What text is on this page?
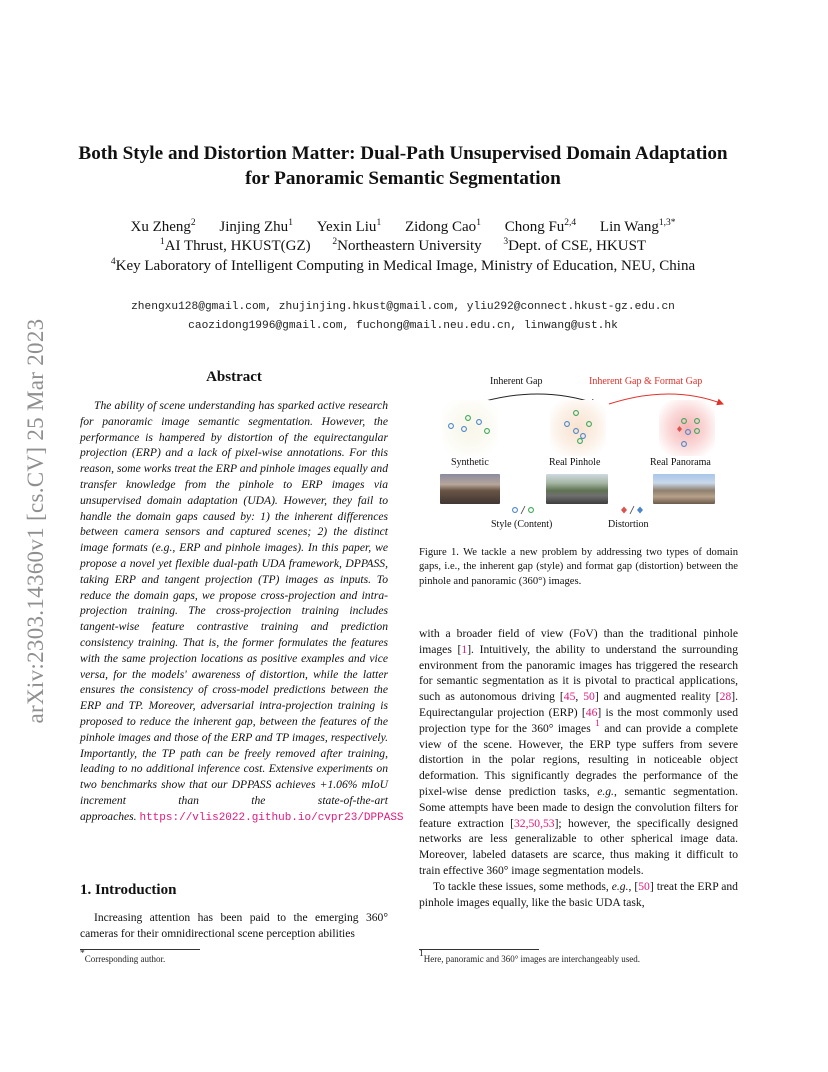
arXiv:2303.14360v1 [cs.CV] 25 Mar 2023
Both Style and Distortion Matter: Dual-Path Unsupervised Domain Adaptation
for Panoramic Semantic Segmentation
Xu Zheng$^2$ Jinjing Zhu$^1$ Yexin Liu$^1$ Zidong Cao$^1$ Chong Fu$^{2,4}$ Lin Wang$^{1,3*}$
$^1$AI Thrust, HKUST(GZ) $^2$Northeastern University $^3$Dept. of CSE, HKUST
$^4$Key Laboratory of Intelligent Computing in Medical Image, Ministry of Education, NEU, China
zhengxu128@gmail.com, zhujinjing.hkust@gmail.com, yliu292@connect.hkust-gz.edu.cn
caozidong1996@gmail.com, fuchong@mail.neu.edu.cn, linwang@ust.hk
Abstract

The ability of scene understanding has sparked active research for panoramic image semantic segmentation. However, the performance is hampered by distortion of the equirectangular projection (ERP) and a lack of pixel-wise annotations. For this reason, some works treat the ERP and pinhole images equally and transfer knowledge from the pinhole to ERP images via unsupervised domain adaptation (UDA). However, they fail to handle the domain gaps caused by: 1) the inherent differences between camera sensors and captured scenes; 2) the distinct image formats (e.g., ERP and pinhole images). In this paper, we propose a novel yet flexible dual-path UDA framework, DPPASS, taking ERP and tangent projection (TP) images as inputs. To reduce the domain gaps, we propose cross-projection and intra-projection training. The cross-projection training includes tangent-wise feature contrastive training and prediction consistency training. That is, the former formulates the features with the same projection locations as positive examples and vice versa, for the models' awareness of distortion, while the latter ensures the consistency of cross-model predictions between the ERP and TP. Moreover, adversarial intra-projection training is proposed to reduce the inherent gap, between the features of the pinhole images and those of the ERP and TP images, respectively. Importantly, the TP path can be freely removed after training, leading to no additional inference cost. Extensive experiments on two benchmarks show that our DPPASS achieves +1.06% mIoU increment than the state-of-the-art approaches. https://vlis2022.github.io/cvpr23/DPPASS

1. Introduction
Increasing attention has been paid to the emerging 360° cameras for their omnidirectional scene perception abilities
*Corresponding author.
Inherent Gap	Inherent Gap & Format Gap
Synthetic	Real Pinhole	Real Panorama
Style (Content)	Distortion
Figure 1. We tackle a new problem by addressing two types of domain gaps, i.e., the inherent gap (style) and format gap (distortion) between the pinhole and panoramic (360°) images.

with a broader field of view (FoV) than the traditional pinhole images [1]. Intuitively, the ability to understand the surrounding environment from the panoramic images has triggered the research for semantic segmentation as it is pivotal to practical applications, such as autonomous driving [45, 50] and augmented reality [28]. Equirectangular projection (ERP) [46] is the most commonly used projection type for the 360° images $^1$ and can provide a complete view of the scene. However, the ERP type suffers from severe distortion in the polar regions, resulting in noticeable object deformation. This significantly degrades the performance of the pixel-wise dense prediction tasks, e.g., semantic segmentation. Some attempts have been made to design the convolution filters for feature extraction [32,50,53]; however, the specifically designed networks are less generalizable to other spherical image data. Moreover, labeled datasets are scarce, thus making it difficult to train effective 360° image segmentation models.

To tackle these issues, some methods, e.g., [50] treat the ERP and pinhole images equally, like the basic UDA task,

$^1$Here, panoramic and 360° images are interchangeably used.
